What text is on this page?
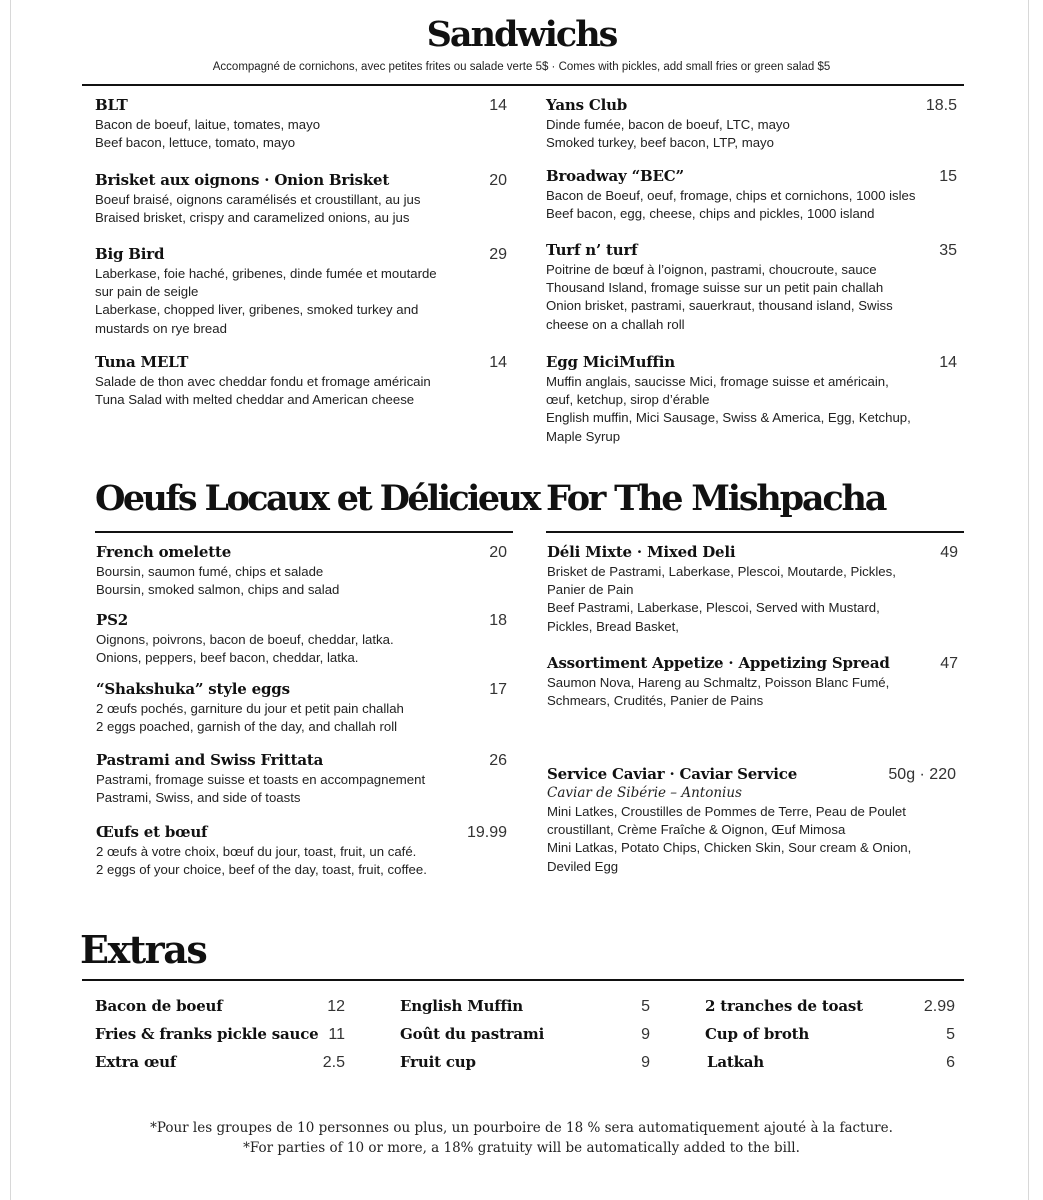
Sandwichs
Accompagné de cornichons, avec petites frites ou salade verte 5$ · Comes with pickles, add small fries or green salad $5
BLT	14
Bacon de boeuf, laitue, tomates, mayo
Beef bacon, lettuce, tomato, mayo
Brisket aux oignons · Onion Brisket	20
Boeuf braisé, oignons caramélisés et croustillant, au jus
Braised brisket, crispy and caramelized onions, au jus
Big Bird	29
Laberkase, foie haché, gribenes, dinde fumée et moutarde
sur pain de seigle
Laberkase, chopped liver, gribenes, smoked turkey and
mustards on rye bread
Tuna MELT	14
Salade de thon avec cheddar fondu et fromage américain
Tuna Salad with melted cheddar and American cheese
Yans Club	18.5
Dinde fumée, bacon de boeuf, LTC, mayo
Smoked turkey, beef bacon, LTP, mayo
Broadway “BEC”	15
Bacon de Boeuf, oeuf, fromage, chips et cornichons, 1000 isles
Beef bacon, egg, cheese, chips and pickles, 1000 island
Turf n’ turf	35
Poitrine de bœuf à l’oignon, pastrami, choucroute, sauce
Thousand Island, fromage suisse sur un petit pain challah
Onion brisket, pastrami, sauerkraut, thousand island, Swiss
cheese on a challah roll
Egg MiciMuffin	14
Muffin anglais, saucisse Mici, fromage suisse et américain,
œuf, ketchup, sirop d’érable
English muffin, Mici Sausage, Swiss & America, Egg, Ketchup,
Maple Syrup
Oeufs Locaux et Délicieux
French omelette	20
Boursin, saumon fumé, chips et salade
Boursin, smoked salmon, chips and salad
PS2	18
Oignons, poivrons, bacon de boeuf, cheddar, latka.
Onions, peppers, beef bacon, cheddar, latka.
“Shakshuka” style eggs	17
2 œufs pochés, garniture du jour et petit pain challah
2 eggs poached, garnish of the day, and challah roll
Pastrami and Swiss Frittata	26
Pastrami, fromage suisse et toasts en accompagnement
Pastrami, Swiss, and side of toasts
Œufs et bœuf	19.99
2 œufs à votre choix, bœuf du jour, toast, fruit, un café.
2 eggs of your choice, beef of the day, toast, fruit, coffee.
For The Mishpacha
Déli Mixte · Mixed Deli	49
Brisket de Pastrami, Laberkase, Plescoi, Moutarde, Pickles,
Panier de Pain
Beef Pastrami, Laberkase, Plescoi, Served with Mustard,
Pickles, Bread Basket,
Assortiment Appetize · Appetizing Spread	47
Saumon Nova, Hareng au Schmaltz, Poisson Blanc Fumé,
Schmears, Crudités, Panier de Pains
Service Caviar · Caviar Service	50g · 220
Caviar de Sibérie – Antonius
Mini Latkes, Croustilles de Pommes de Terre, Peau de Poulet
croustillant, Crème Fraîche & Oignon, Œuf Mimosa
Mini Latkas, Potato Chips, Chicken Skin, Sour cream & Onion,
Deviled Egg
Extras
Bacon de boeuf	12
Fries & franks pickle sauce 11
Extra œuf	2.5
English Muffin	5
Goût du pastrami	9
Fruit cup	9
2 tranches de toast	2.99
Cup of broth	5
Latkah	6
*Pour les groupes de 10 personnes ou plus, un pourboire de 18 % sera automatiquement ajouté à la facture.
*For parties of 10 or more, a 18% gratuity will be automatically added to the bill.
